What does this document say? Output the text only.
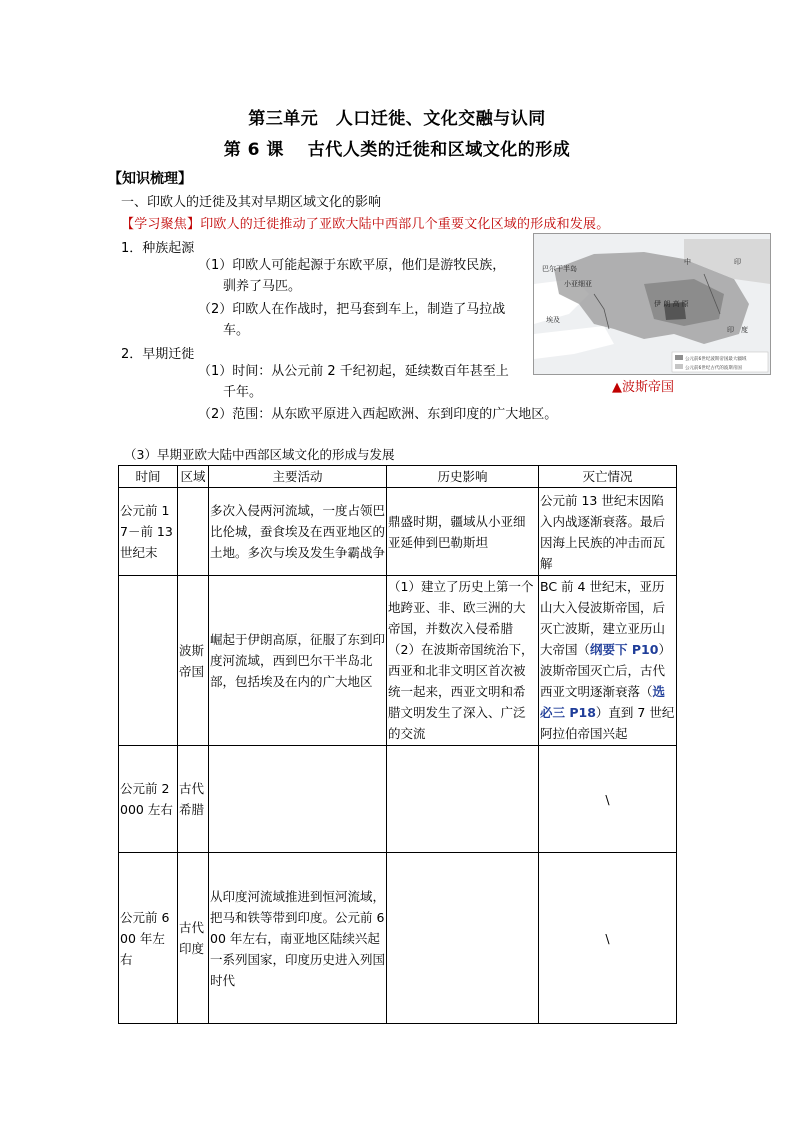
第三单元　人口迁徙、文化交融与认同
第 6 课　 古代人类的迁徙和区域文化的形成
【知识梳理】
一、印欧人的迁徙及其对早期区域文化的影响
【学习聚焦】印欧人的迁徙推动了亚欧大陆中西部几个重要文化区域的形成和发展。
1．种族起源
（1）印欧人可能起源于东欧平原，他们是游牧民族，
驯养了马匹。
（2）印欧人在作战时，把马套到车上，制造了马拉战
车。
2．早期迁徙
（1）时间：从公元前 2 千纪初起，延续数百年甚至上
千年。
（2）范围：从东欧平原进入西起欧洲、东到印度的广大地区。
公元前6世纪波斯帝国最大疆域
公元前6世纪古代的波斯帝国
巴尔干半岛
小亚细亚
伊 朗 高 原
印　度
埃及
中	印
▲波斯帝国
（3）早期亚欧大陆中西部区域文化的形成与发展
时间	区域	主要活动	历史影响	灭亡情况
公元前 17－前 13 世纪末		多次入侵两河流域，一度占领巴比伦城，蚕食埃及在西亚地区的土地。多次与埃及发生争霸战争	鼎盛时期，疆域从小亚细亚延伸到巴勒斯坦	公元前 13 世纪末因陷入内战逐渐衰落。最后因海上民族的冲击而瓦解
	波斯帝国	崛起于伊朗高原，征服了东到印度河流域，西到巴尔干半岛北部，包括埃及在内的广大地区	（1）建立了历史上第一个地跨亚、非、欧三洲的大帝国，并数次入侵希腊（2）在波斯帝国统治下，西亚和北非文明区首次被统一起来，西亚文明和希腊文明发生了深入、广泛的交流	BC 前 4 世纪末，亚历山大入侵波斯帝国，后灭亡波斯，建立亚历山大帝国（纲要下 P10）波斯帝国灭亡后，古代西亚文明逐渐衰落（选必三 P18）直到 7 世纪阿拉伯帝国兴起
公元前 2000 左右	古代希腊			\
公元前 600 年左右	古代印度	从印度河流域推进到恒河流域，把马和铁等带到印度。公元前 600 年左右，南亚地区陆续兴起一系列国家，印度历史进入列国时代		\
